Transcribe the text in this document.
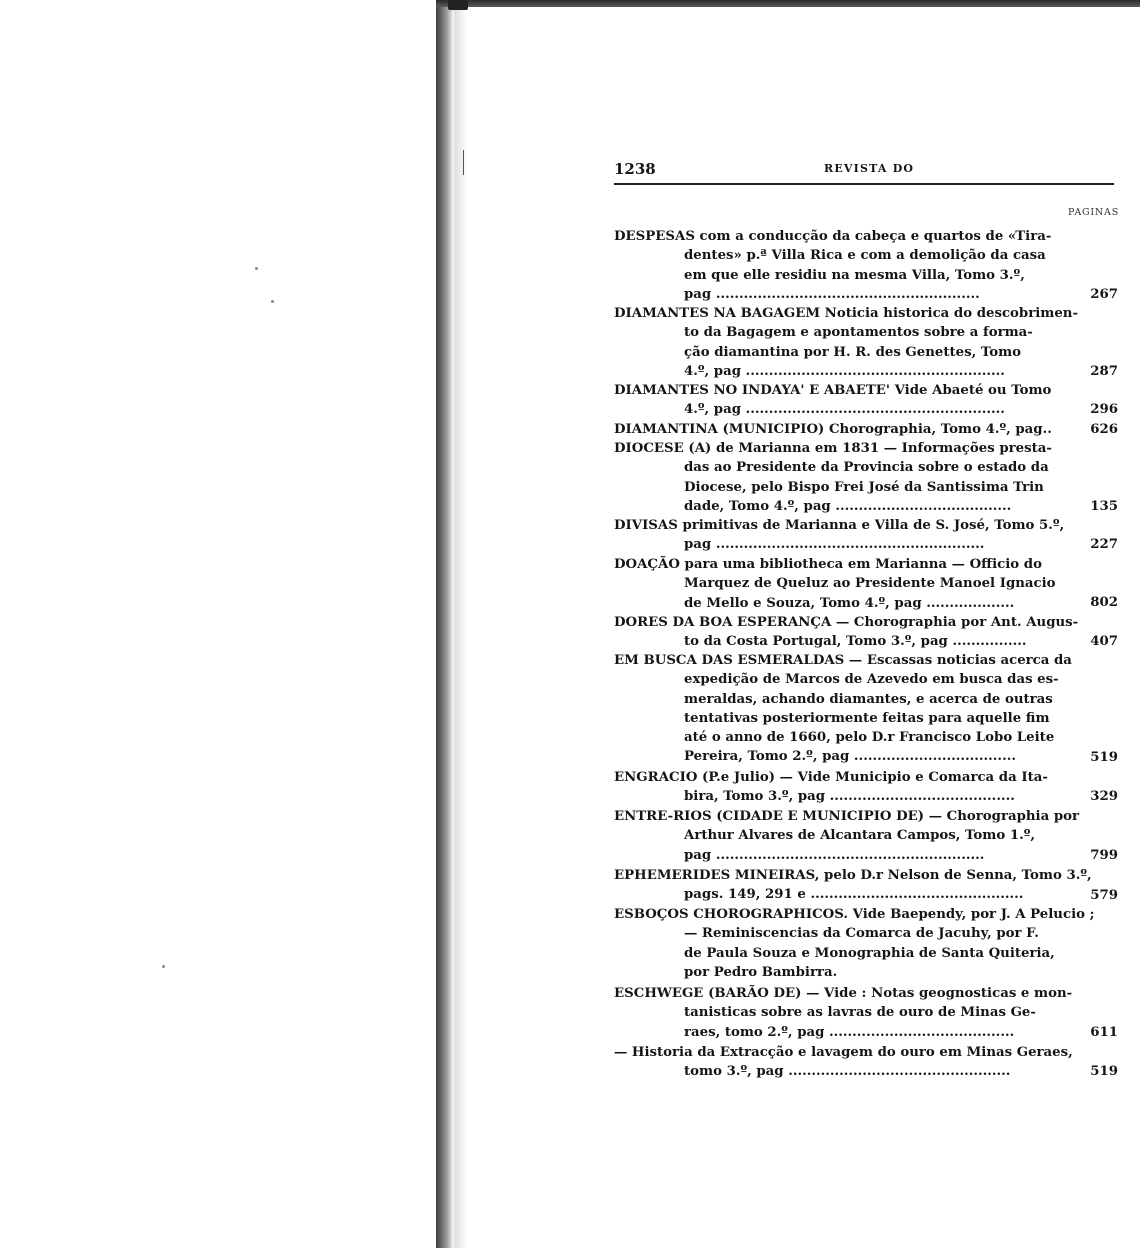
1238	REVISTA DO
PAGINAS
DESPESAS com a conducção da cabeça e quartos de «Tira-
dentes» p.ª Villa Rica e com a demolição da casa
em que elle residiu na mesma Villa, Tomo 3.º,
pag .........................................................	267
DIAMANTES NA BAGAGEM Noticia historica do descobrimen-
to da Bagagem e apontamentos sobre a forma-
ção diamantina por H. R. des Genettes, Tomo
4.º, pag ........................................................	287
DIAMANTES NO INDAYA' E ABAETE' Vide Abaeté ou Tomo
4.º, pag ........................................................	296
DIAMANTINA (MUNICIPIO) Chorographia, Tomo 4.º, pag..	626
DIOCESE (A) de Marianna em 1831 — Informações presta-
das ao Presidente da Provincia sobre o estado da
Diocese, pelo Bispo Frei José da Santissima Trin
dade, Tomo 4.º, pag ......................................	135
DIVISAS primitivas de Marianna e Villa de S. José, Tomo 5.º,
pag ..........................................................	227
DOAÇÃO para uma bibliotheca em Marianna — Officio do
Marquez de Queluz ao Presidente Manoel Ignacio
de Mello e Souza, Tomo 4.º, pag ...................	802
DORES DA BOA ESPERANÇA — Chorographia por Ant. Augus-
to da Costa Portugal, Tomo 3.º, pag ................	407
EM BUSCA DAS ESMERALDAS — Escassas noticias acerca da
expedição de Marcos de Azevedo em busca das es-
meraldas, achando diamantes, e acerca de outras
tentativas posteriormente feitas para aquelle fim
até o anno de 1660, pelo D.r Francisco Lobo Leite
Pereira, Tomo 2.º, pag ...................................	519
ENGRACIO (P.e Julio) — Vide Municipio e Comarca da Ita-
bira, Tomo 3.º, pag ........................................	329
ENTRE-RIOS (CIDADE E MUNICIPIO DE) — Chorographia por
Arthur Alvares de Alcantara Campos, Tomo 1.º,
pag ..........................................................	799
EPHEMERIDES MINEIRAS, pelo D.r Nelson de Senna, Tomo 3.º,
pags. 149, 291 e ..............................................	579
ESBOÇOS CHOROGRAPHICOS. Vide Baependy, por J. A Pelucio ;
— Reminiscencias da Comarca de Jacuhy, por F.
de Paula Souza e Monographia de Santa Quiteria,
por Pedro Bambirra.
ESCHWEGE (BARÃO DE) — Vide : Notas geognosticas e mon-
tanisticas sobre as lavras de ouro de Minas Ge-
raes, tomo 2.º, pag ........................................	611
— Historia da Extracção e lavagem do ouro em Minas Geraes,
tomo 3.º, pag ................................................	519
